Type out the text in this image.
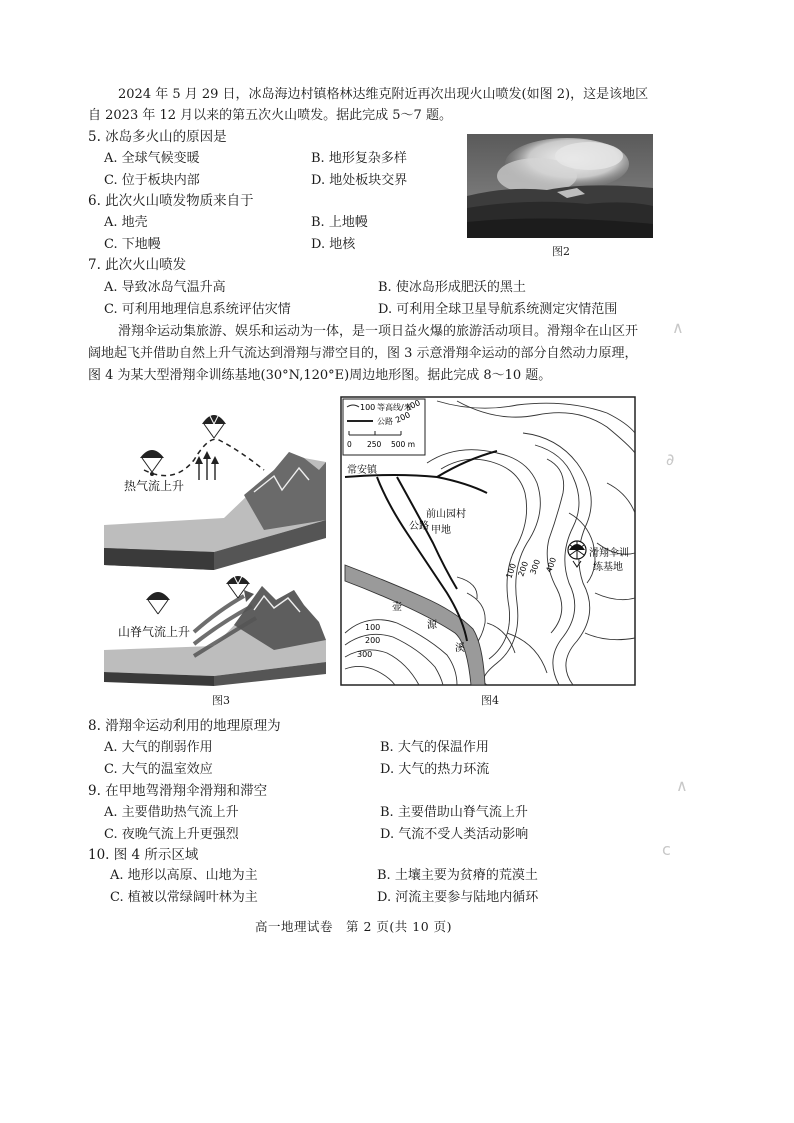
2024 年 5 月 29 日，冰岛海边村镇格林达维克附近再次出现火山喷发(如图 2)，这是该地区
自 2023 年 12 月以来的第五次火山喷发。据此完成 5～7 题。
5. 冰岛多火山的原因是
A. 全球气候变暖	B. 地形复杂多样
C. 位于板块内部	D. 地处板块交界
6. 此次火山喷发物质来自于
A. 地壳	B. 上地幔
C. 下地幔	D. 地核	图2
7. 此次火山喷发
A. 导致冰岛气温升高	B. 使冰岛形成肥沃的黑土
C. 可利用地理信息系统评估灾情	D. 可利用全球卫星导航系统测定灾情范围
滑翔伞运动集旅游、娱乐和运动为一体，是一项日益火爆的旅游活动项目。滑翔伞在山区开
阔地起飞并借助自然上升气流达到滑翔与滞空目的，图 3 示意滑翔伞运动的部分自然动力原理，
图 4 为某大型滑翔伞训练基地(30°N,120°E)周边地形图。据此完成 8～10 题。
热气流上升
山脊气流上升
图3
100 等高线/米
公路
0 250 500 m
常安镇
前山园村
甲地
公路
滑翔伞训
练基地
壶
源
溪
100
200
300 400
200
300
100
200
300
图4
8. 滑翔伞运动利用的地理原理为
A. 大气的削弱作用	B. 大气的保温作用
C. 大气的温室效应	D. 大气的热力环流
9. 在甲地驾滑翔伞滑翔和滞空
A. 主要借助热气流上升	B. 主要借助山脊气流上升
C. 夜晚气流上升更强烈	D. 气流不受人类活动影响
10. 图 4 所示区域
A. 地形以高原、山地为主	B. 土壤主要为贫瘠的荒漠土
C. 植被以常绿阔叶林为主	D. 河流主要参与陆地内循环
高一地理试卷　第 2 页(共 10 页)
∧
∂
∧
ⅽ
